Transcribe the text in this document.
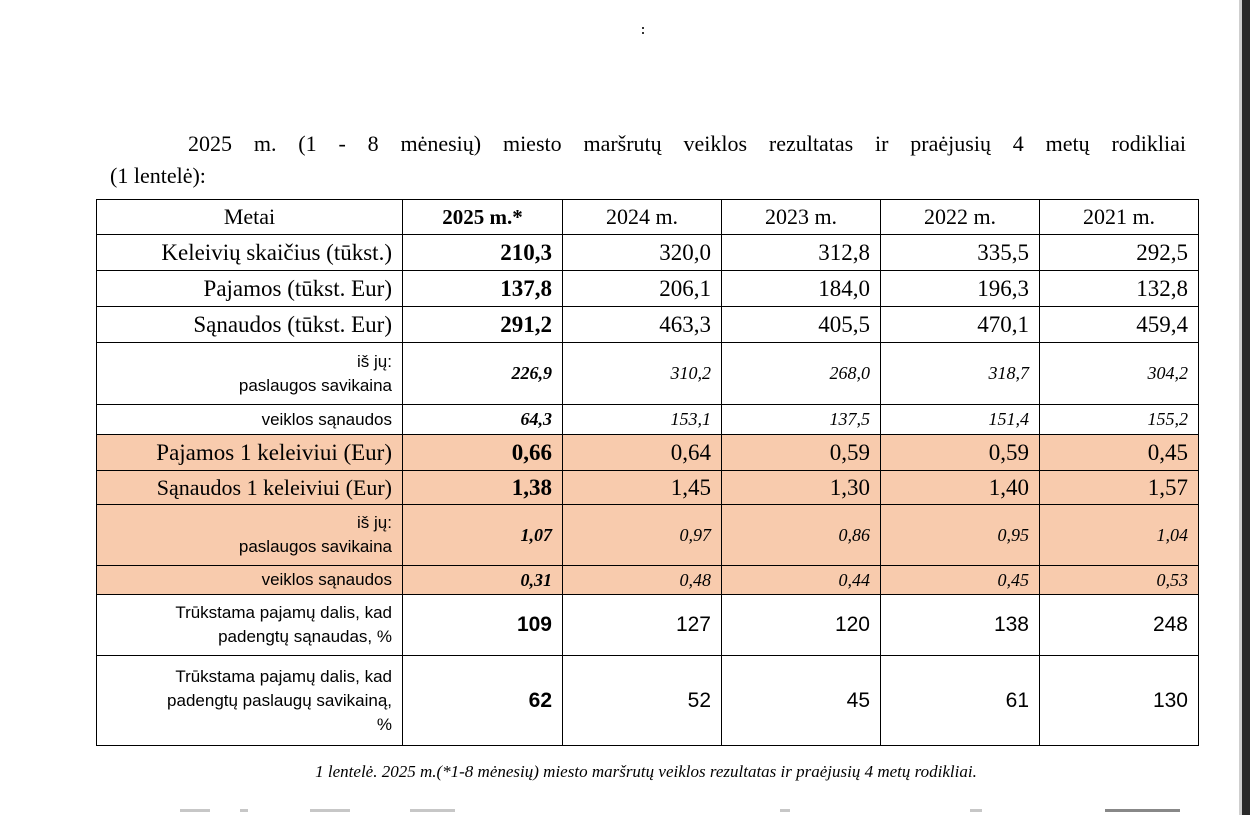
2025 m. (1 - 8 mėnesių) miesto maršrutų veiklos rezultatas ir praėjusių 4 metų rodikliai
(1 lentelė):
Metai	2025 m.*	2024 m.	2023 m.	2022 m.	2021 m.

Keleivių skaičius (tūkst.)	210,3	320,0	312,8	335,5	292,5

Pajamos (tūkst. Eur)	137,8	206,1	184,0	196,3	132,8

Sąnaudos (tūkst. Eur)	291,2	463,3	405,5	470,1	459,4

iš jų:
paslaugos savikaina	226,9	310,2	268,0	318,7	304,2

veiklos sąnaudos	64,3	153,1	137,5	151,4	155,2

Pajamos 1 keleiviui (Eur)	0,66	0,64	0,59	0,59	0,45

Sąnaudos 1 keleiviui (Eur)	1,38	1,45	1,30	1,40	1,57

iš jų:
paslaugos savikaina	1,07	0,97	0,86	0,95	1,04

veiklos sąnaudos	0,31	0,48	0,44	0,45	0,53

Trūkstama pajamų dalis, kad
padengtų sąnaudas, %	109	127	120	138	248

Trūkstama pajamų dalis, kad
padengtų paslaugų savikainą,
%	62	52	45	61	130
1 lentelė. 2025 m.(*1-8 mėnesių) miesto maršrutų veiklos rezultatas ir praėjusių 4 metų rodikliai.
